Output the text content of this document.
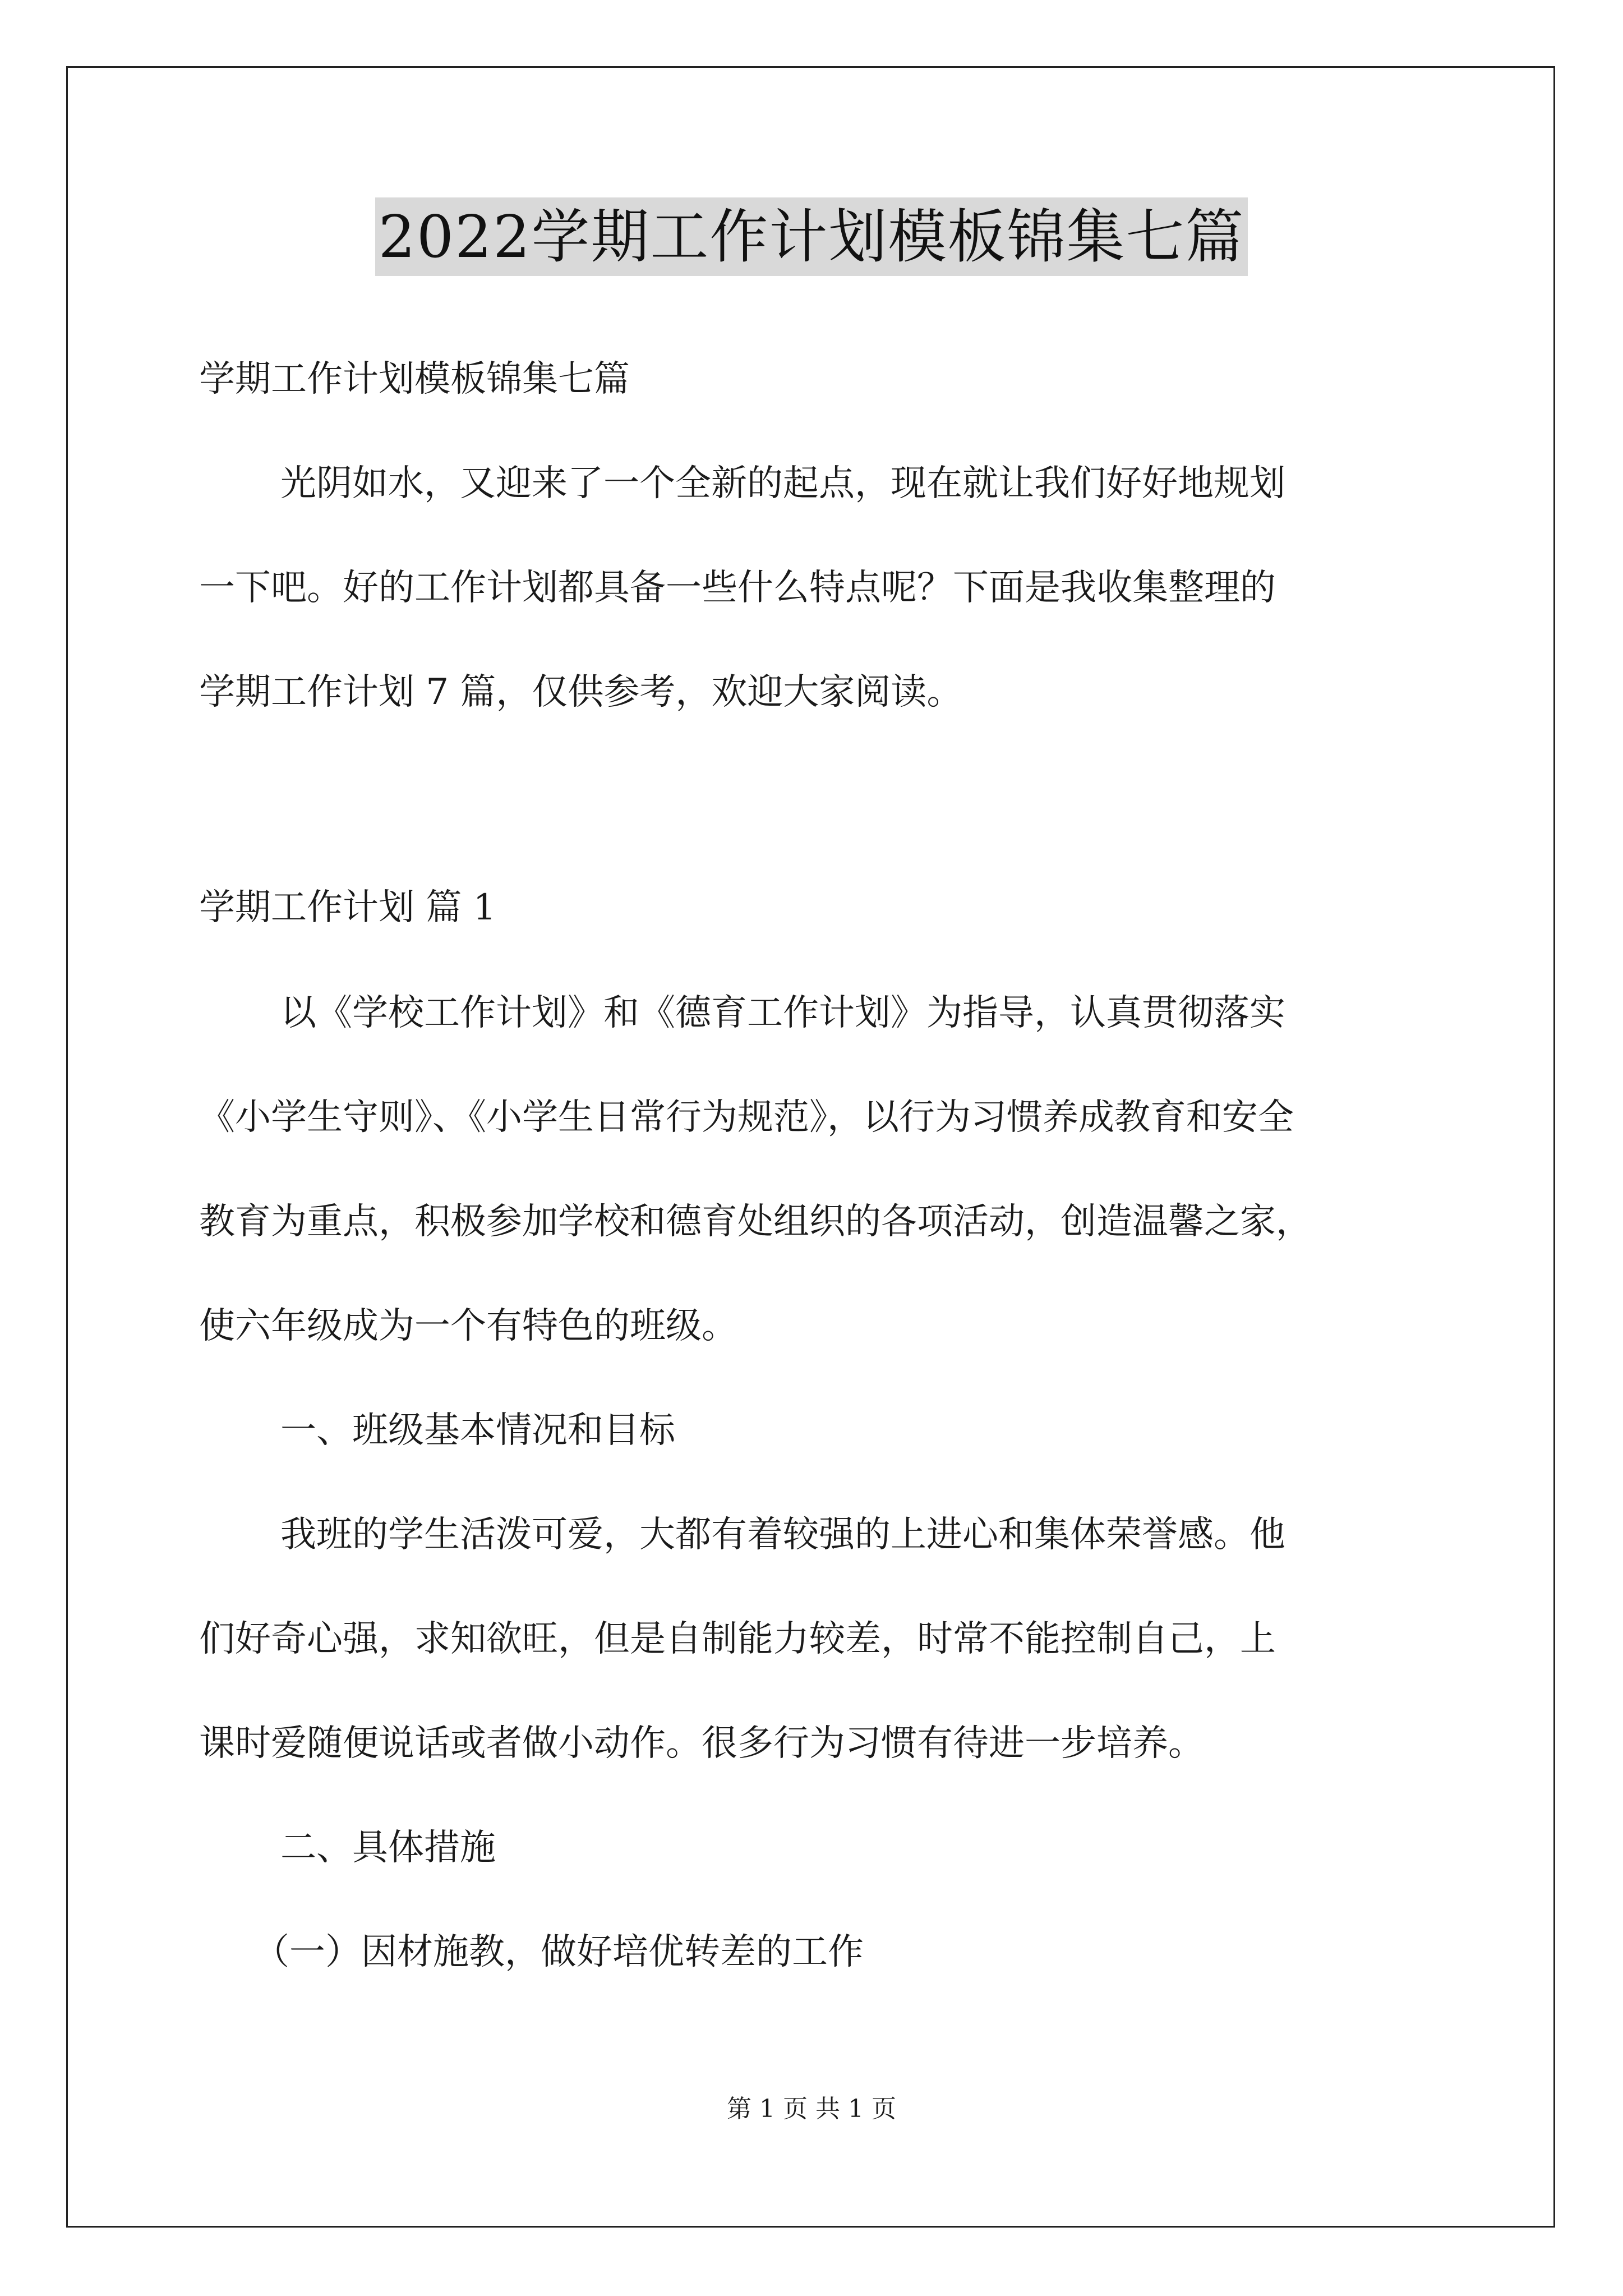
2022学期工作计划模板锦集七篇
学期工作计划模板锦集七篇
光阴如水，又迎来了一个全新的起点，现在就让我们好好地规划
一下吧。好的工作计划都具备一些什么特点呢？下面是我收集整理的
学期工作计划 7 篇，仅供参考，欢迎大家阅读。
学期工作计划 篇 1
以《学校工作计划》和《德育工作计划》为指导，认真贯彻落实
《小学生守则》、《小学生日常行为规范》，以行为习惯养成教育和安全
教育为重点，积极参加学校和德育处组织的各项活动，创造温馨之家，
使六年级成为一个有特色的班级。
一、班级基本情况和目标
我班的学生活泼可爱，大都有着较强的上进心和集体荣誉感。他
们好奇心强，求知欲旺，但是自制能力较差，时常不能控制自己，上
课时爱随便说话或者做小动作。很多行为习惯有待进一步培养。
二、具体措施
（一）因材施教，做好培优转差的工作
第 1 页 共 1 页
